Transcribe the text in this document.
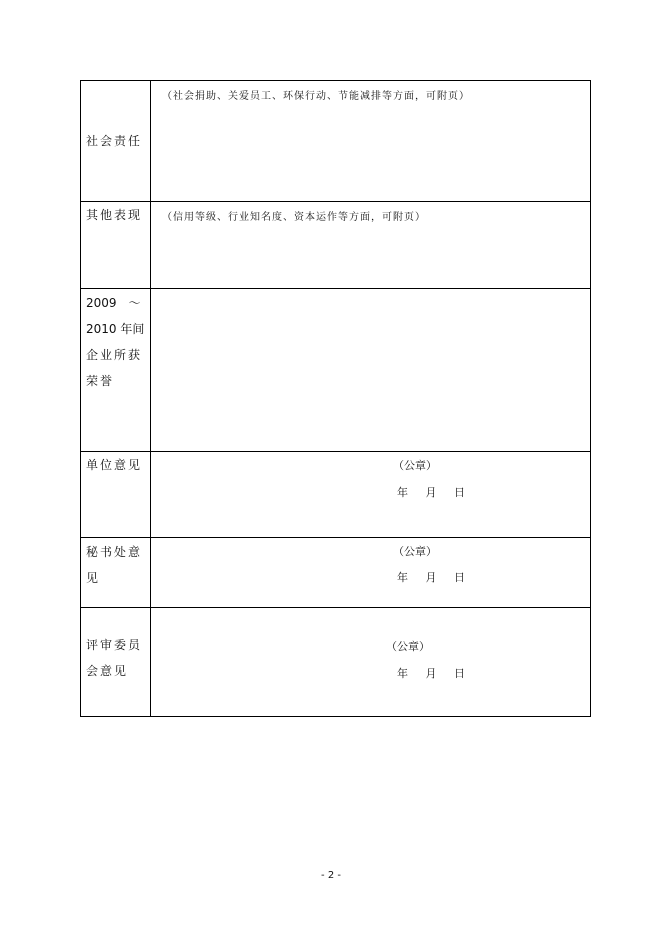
社会责任
（社会捐助、关爱员工、环保行动、节能减排等方面，可附页）
其他表现	（信用等级、行业知名度、资本运作等方面，可附页）
2009　～
2010 年间
企业所获
荣誉
单位意见	（公章）
年 月 日
秘书处意
见
（公章）
年 月 日
评审委员
会意见
（公章）
年 月 日
- 2 -
